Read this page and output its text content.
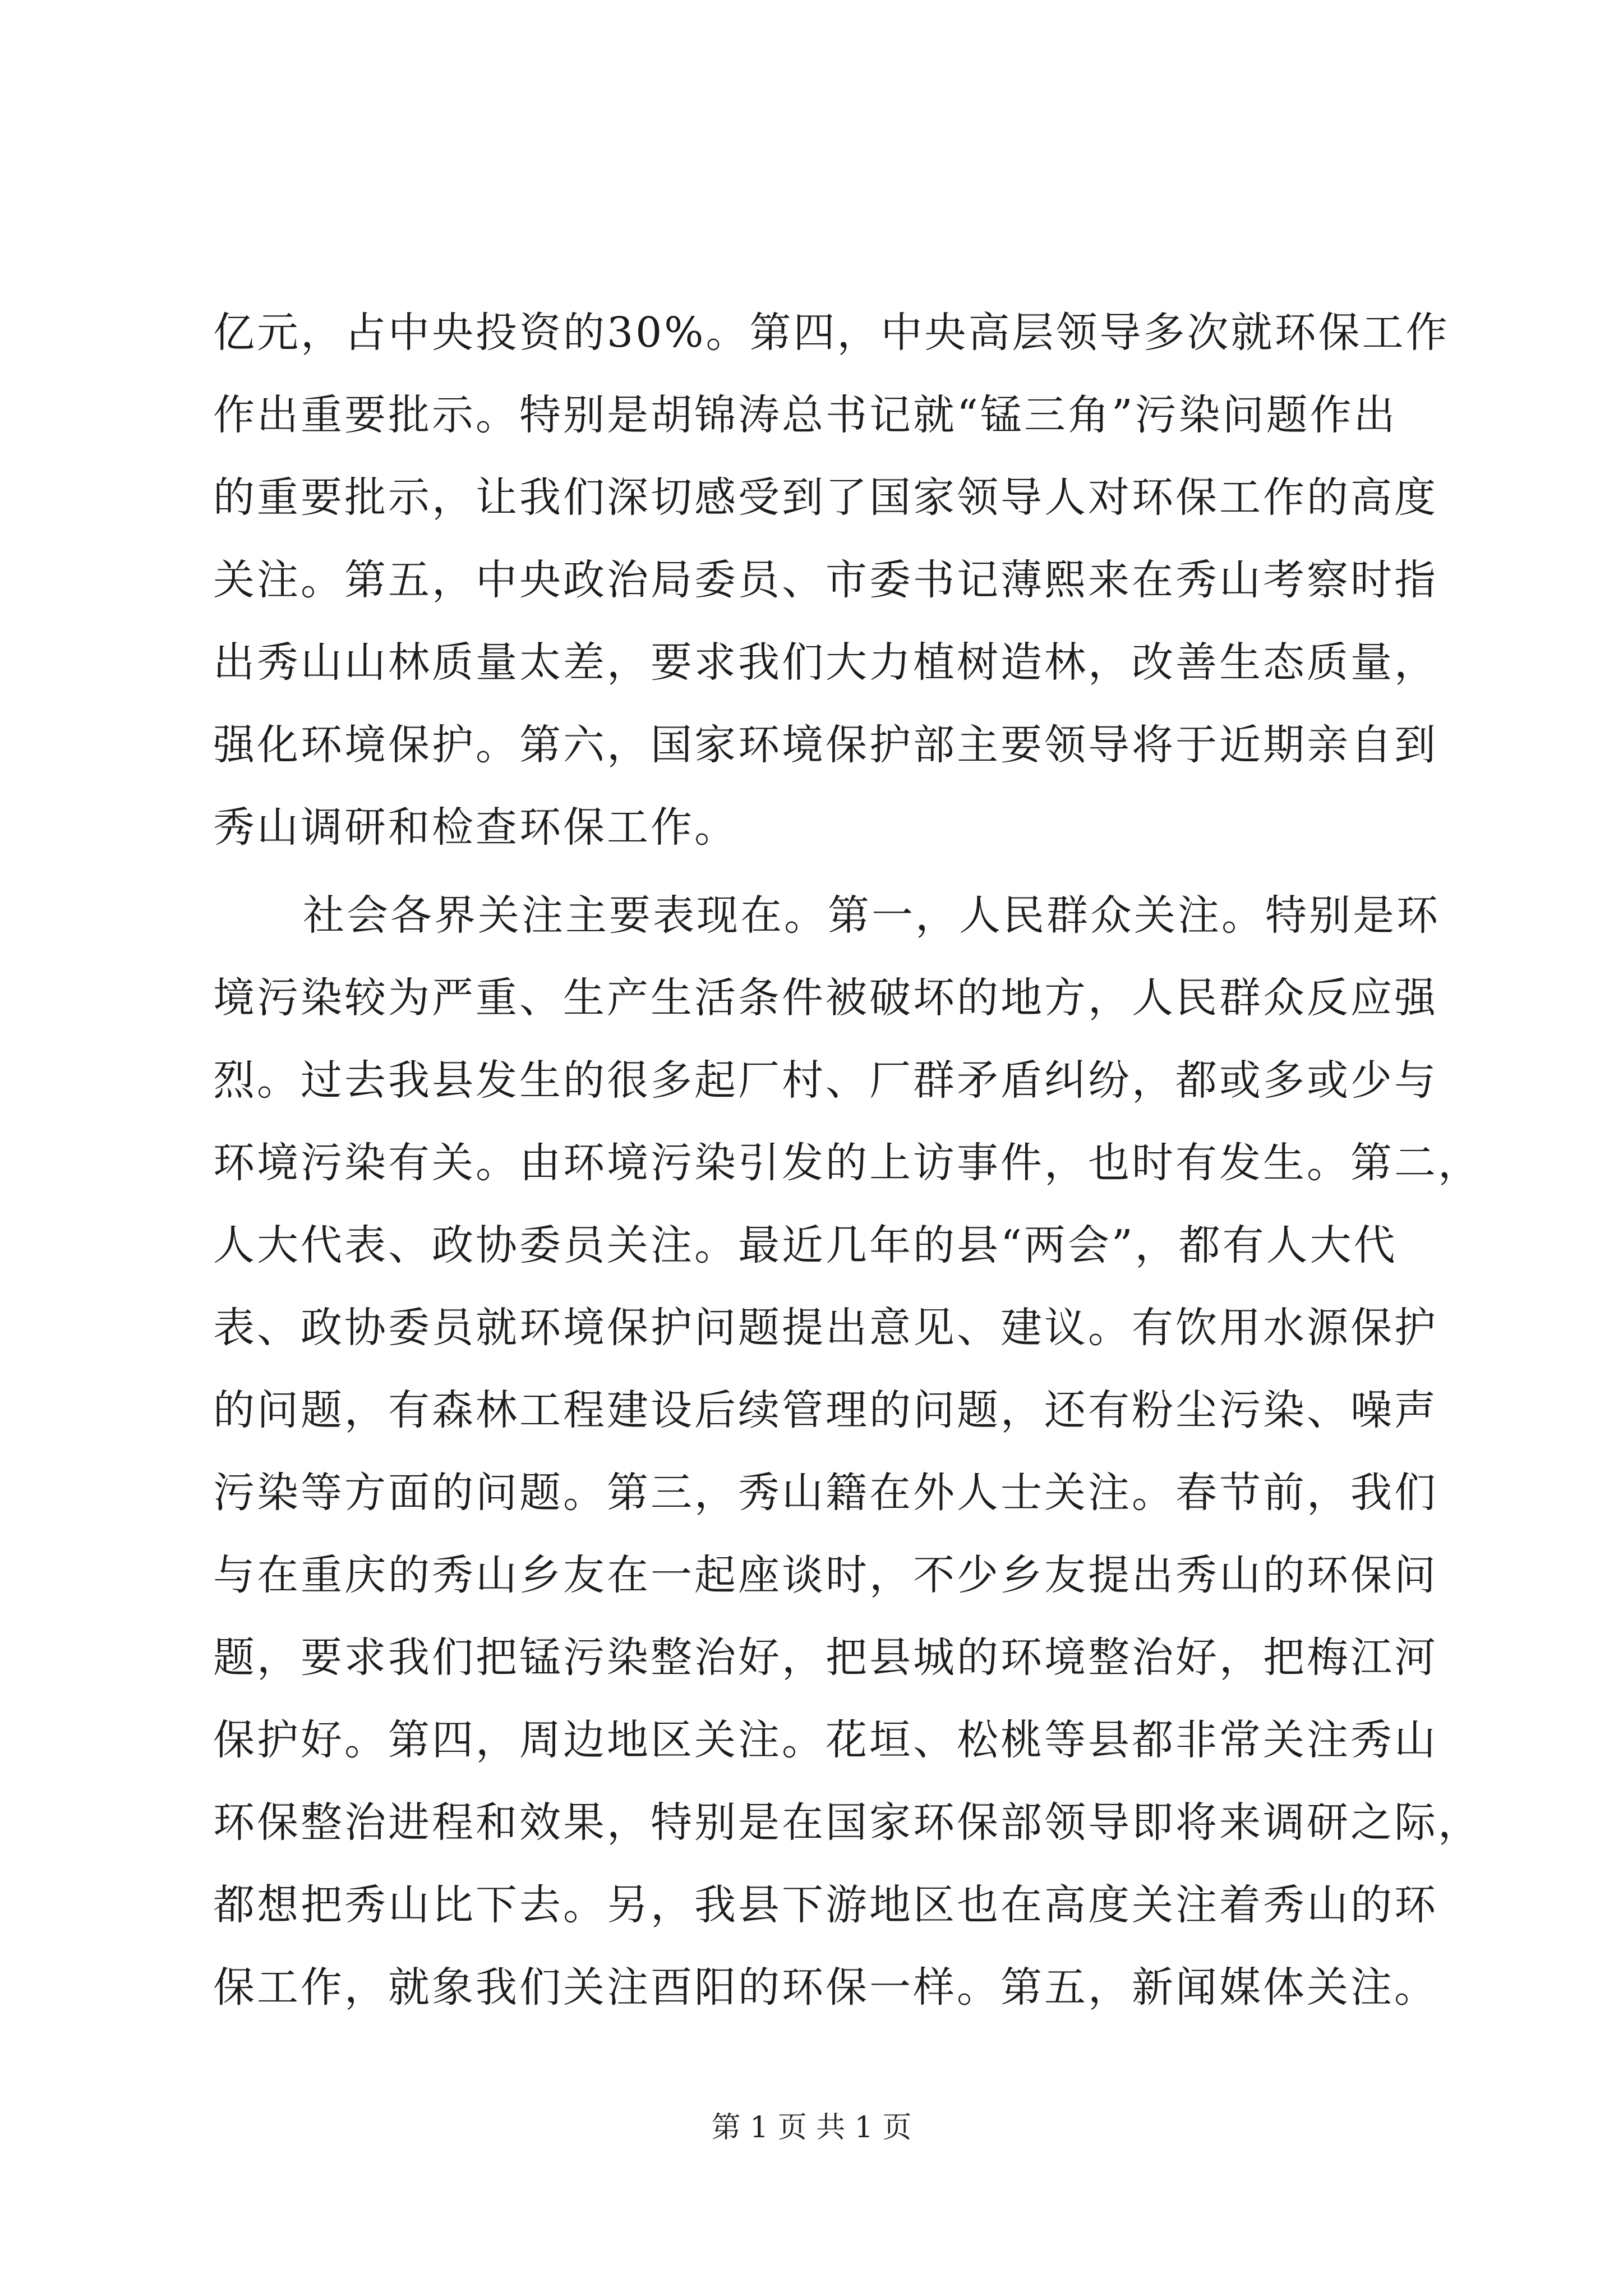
亿元，占中央投资的30%。第四，中央高层领导多次就环保工作
作出重要批示。特别是胡锦涛总书记就“锰三角”污染问题作出
的重要批示，让我们深切感受到了国家领导人对环保工作的高度
关注。第五，中央政治局委员、市委书记薄熙来在秀山考察时指
出秀山山林质量太差，要求我们大力植树造林，改善生态质量，
强化环境保护。第六，国家环境保护部主要领导将于近期亲自到
秀山调研和检查环保工作。
社会各界关注主要表现在。第一，人民群众关注。特别是环
境污染较为严重、生产生活条件被破坏的地方，人民群众反应强
烈。过去我县发生的很多起厂村、厂群矛盾纠纷，都或多或少与
环境污染有关。由环境污染引发的上访事件，也时有发生。第二，
人大代表、政协委员关注。最近几年的县“两会”，都有人大代
表、政协委员就环境保护问题提出意见、建议。有饮用水源保护
的问题，有森林工程建设后续管理的问题，还有粉尘污染、噪声
污染等方面的问题。第三，秀山籍在外人士关注。春节前，我们
与在重庆的秀山乡友在一起座谈时，不少乡友提出秀山的环保问
题，要求我们把锰污染整治好，把县城的环境整治好，把梅江河
保护好。第四，周边地区关注。花垣、松桃等县都非常关注秀山
环保整治进程和效果，特别是在国家环保部领导即将来调研之际，
都想把秀山比下去。另，我县下游地区也在高度关注着秀山的环
保工作，就象我们关注酉阳的环保一样。第五，新闻媒体关注。
第 1 页 共 1 页
